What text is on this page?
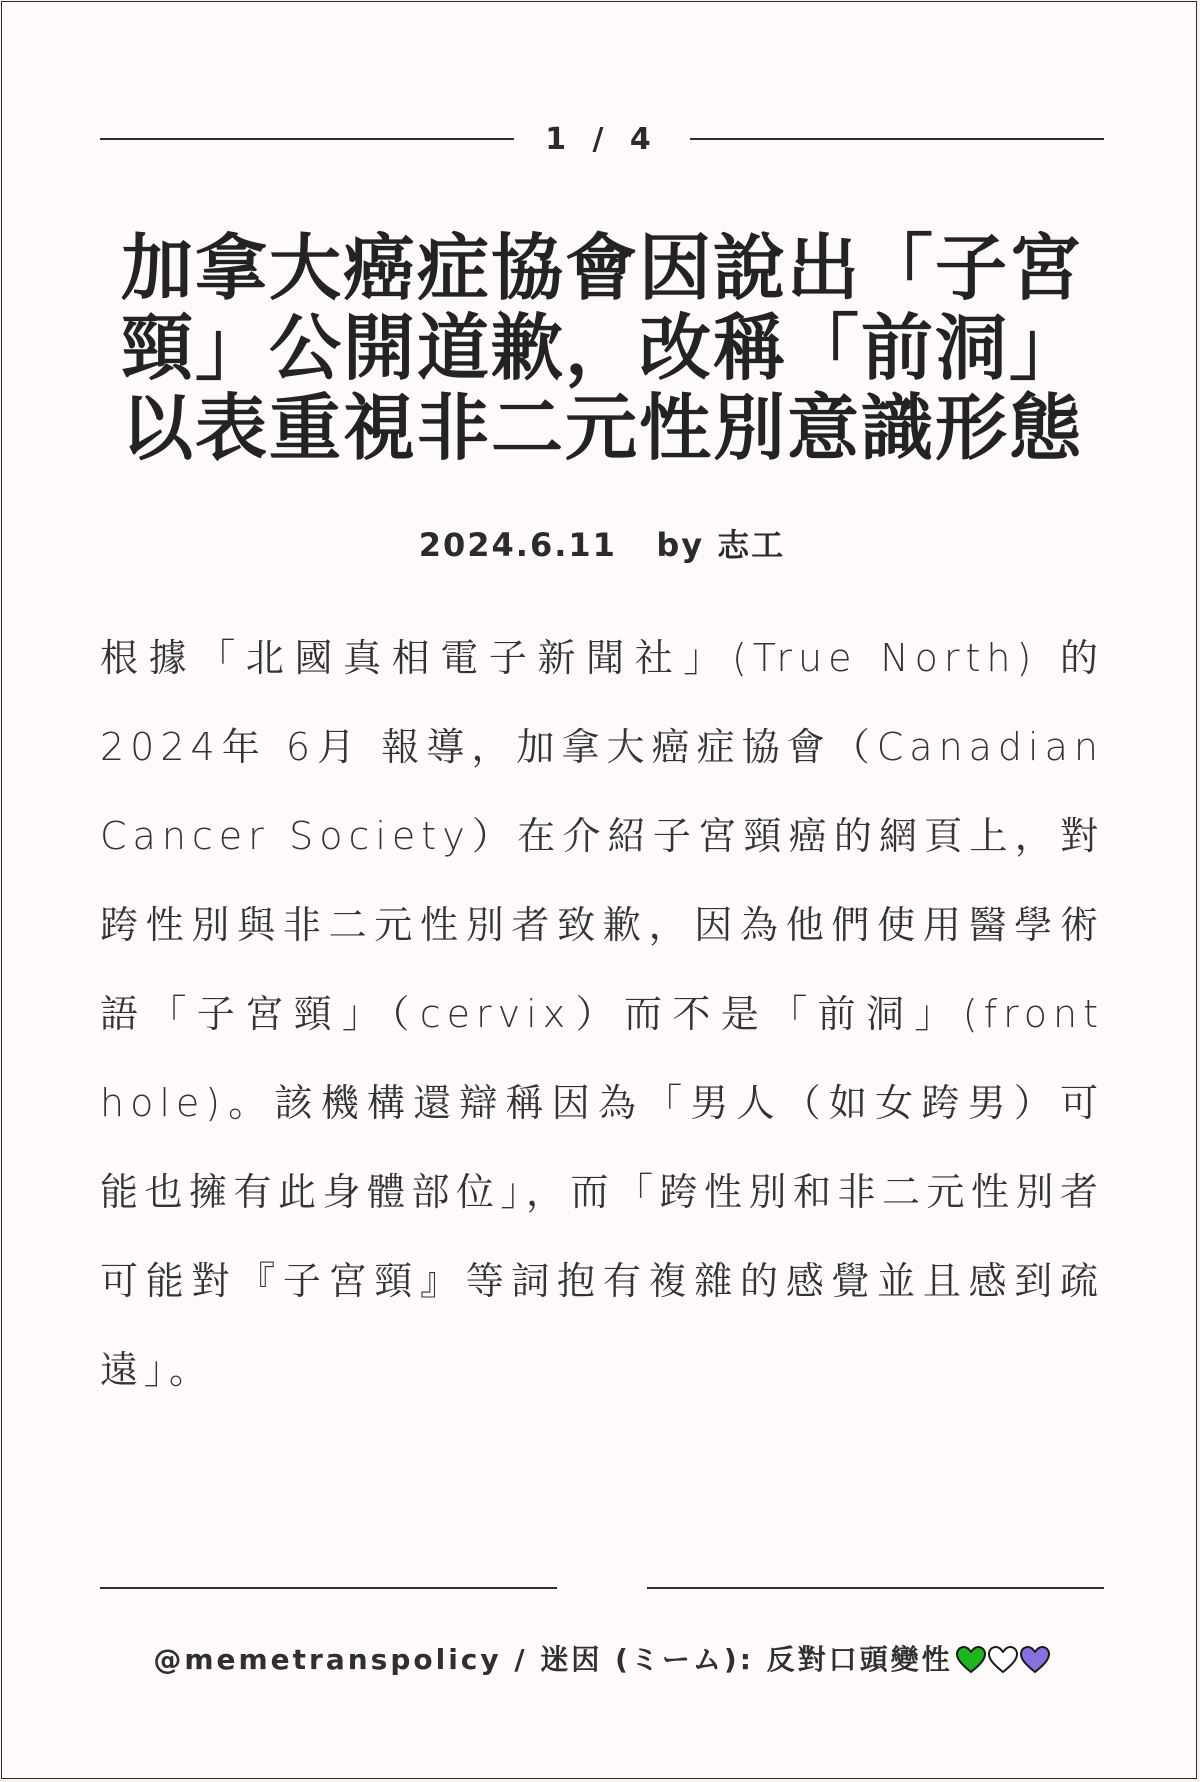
1 / 4
加拿大癌症協會因說出「子宮頸」公開道歉，改稱「前洞」以表重視非二元性別意識形態
2024.6.11 by 志工

根據「北國真相電子新聞社」(True North) 的 2024年 6月 報導，加拿大癌症協會（Canadian Cancer Society）在介紹子宮頸癌的網頁上，對跨性別與非二元性別者致歉，因為他們使用醫學術語「子宮頸」（cervix）而不是「前洞」(front hole)。該機構還辯稱因為「男人（如女跨男）可能也擁有此身體部位」，而「跨性別和非二元性別者可能對『子宮頸』等詞抱有複雜的感覺並且感到疏遠」。

@memetranspolicy / 迷因 (ミーム): 反對口頭變性
